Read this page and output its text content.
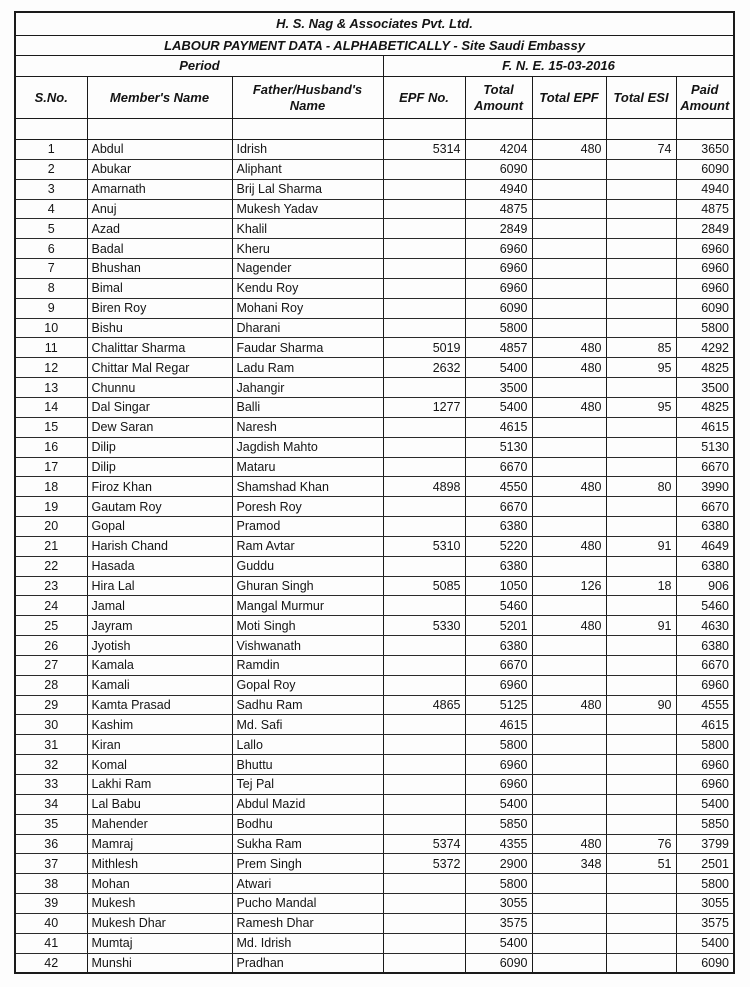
H. S. Nag & Associates Pvt. Ltd.
LABOUR PAYMENT DATA - ALPHABETICALLY - Site Saudi Embassy
Period	F. N. E. 15-03-2016
S.No.	Member's Name	Father/Husband's Name	EPF No.	Total Amount	Total EPF	Total ESI	Paid Amount

1	Abdul	Idrish	5314	4204	480	74	3650
2	Abukar	Aliphant		6090			6090
3	Amarnath	Brij Lal Sharma		4940			4940
4	Anuj	Mukesh Yadav		4875			4875
5	Azad	Khalil		2849			2849
6	Badal	Kheru		6960			6960
7	Bhushan	Nagender		6960			6960
8	Bimal	Kendu Roy		6960			6960
9	Biren Roy	Mohani Roy		6090			6090
10	Bishu	Dharani		5800			5800
11	Chalittar Sharma	Faudar Sharma	5019	4857	480	85	4292
12	Chittar Mal Regar	Ladu Ram	2632	5400	480	95	4825
13	Chunnu	Jahangir		3500			3500
14	Dal Singar	Balli	1277	5400	480	95	4825
15	Dew Saran	Naresh		4615			4615
16	Dilip	Jagdish Mahto		5130			5130
17	Dilip	Mataru		6670			6670
18	Firoz Khan	Shamshad Khan	4898	4550	480	80	3990
19	Gautam Roy	Poresh Roy		6670			6670
20	Gopal	Pramod		6380			6380
21	Harish Chand	Ram Avtar	5310	5220	480	91	4649
22	Hasada	Guddu		6380			6380
23	Hira Lal	Ghuran Singh	5085	1050	126	18	906
24	Jamal	Mangal Murmur		5460			5460
25	Jayram	Moti Singh	5330	5201	480	91	4630
26	Jyotish	Vishwanath		6380			6380
27	Kamala	Ramdin		6670			6670
28	Kamali	Gopal Roy		6960			6960
29	Kamta Prasad	Sadhu Ram	4865	5125	480	90	4555
30	Kashim	Md. Safi		4615			4615
31	Kiran	Lallo		5800			5800
32	Komal	Bhuttu		6960			6960
33	Lakhi Ram	Tej Pal		6960			6960
34	Lal Babu	Abdul Mazid		5400			5400
35	Mahender	Bodhu		5850			5850
36	Mamraj	Sukha Ram	5374	4355	480	76	3799
37	Mithlesh	Prem Singh	5372	2900	348	51	2501
38	Mohan	Atwari		5800			5800
39	Mukesh	Pucho Mandal		3055			3055
40	Mukesh Dhar	Ramesh Dhar		3575			3575
41	Mumtaj	Md. Idrish		5400			5400
42	Munshi	Pradhan		6090			6090
